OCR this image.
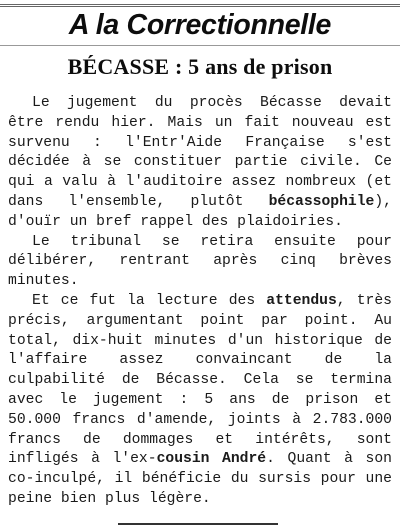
A la Correctionnelle
BÉCASSE : 5 ans de prison

Le jugement du procès Bécasse devait être rendu hier. Mais un fait nouveau est survenu : l'Entr'Aide Française s'est décidée à se constituer partie civile. Ce qui a valu à l'auditoire assez nombreux (et dans l'ensemble, plutôt bécassophile), d'ouïr un bref rappel des plaidoiries.

Le tribunal se retira ensuite pour délibérer, rentrant après cinq brèves minutes.

Et ce fut la lecture des attendus, très précis, argumentant point par point. Au total, dix-huit minutes d'un historique de l'affaire assez convaincant de la culpabilité de Bécasse. Cela se termina avec le jugement : 5 ans de prison et 50.000 francs d'amende, joints à 2.783.000 francs de dommages et intérêts, sont infligés à l'ex-cousin André. Quant à son co-inculpé, il bénéficie du sursis pour une peine bien plus légère.
